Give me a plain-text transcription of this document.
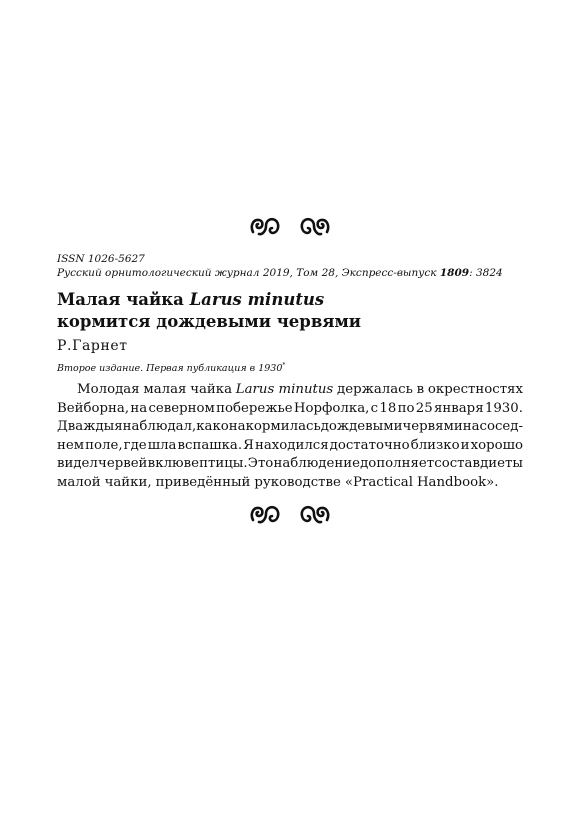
ISSN 1026-5627
Русский орнитологический журнал 2019, Том 28, Экспресс-выпуск 1809: 3824
Малая чайка Larus minutus
кормится дождевыми червями
Р.Гарнет
Второе издание. Первая публикация в 1930*
Молодая малая чайка Larus minutus держалась в окрестностях
Вейборна, на северном побережье Норфолка, с 18 по 25 января 1930.
Дважды я наблюдал, как она кормилась дождевыми червями на сосед-
нем поле, где шла вспашка. Я находился достаточно близко и хорошо
видел червей в клюве птицы. Это наблюдение дополняет состав диеты
малой чайки, приведённый руководстве «Practical Handbook».
